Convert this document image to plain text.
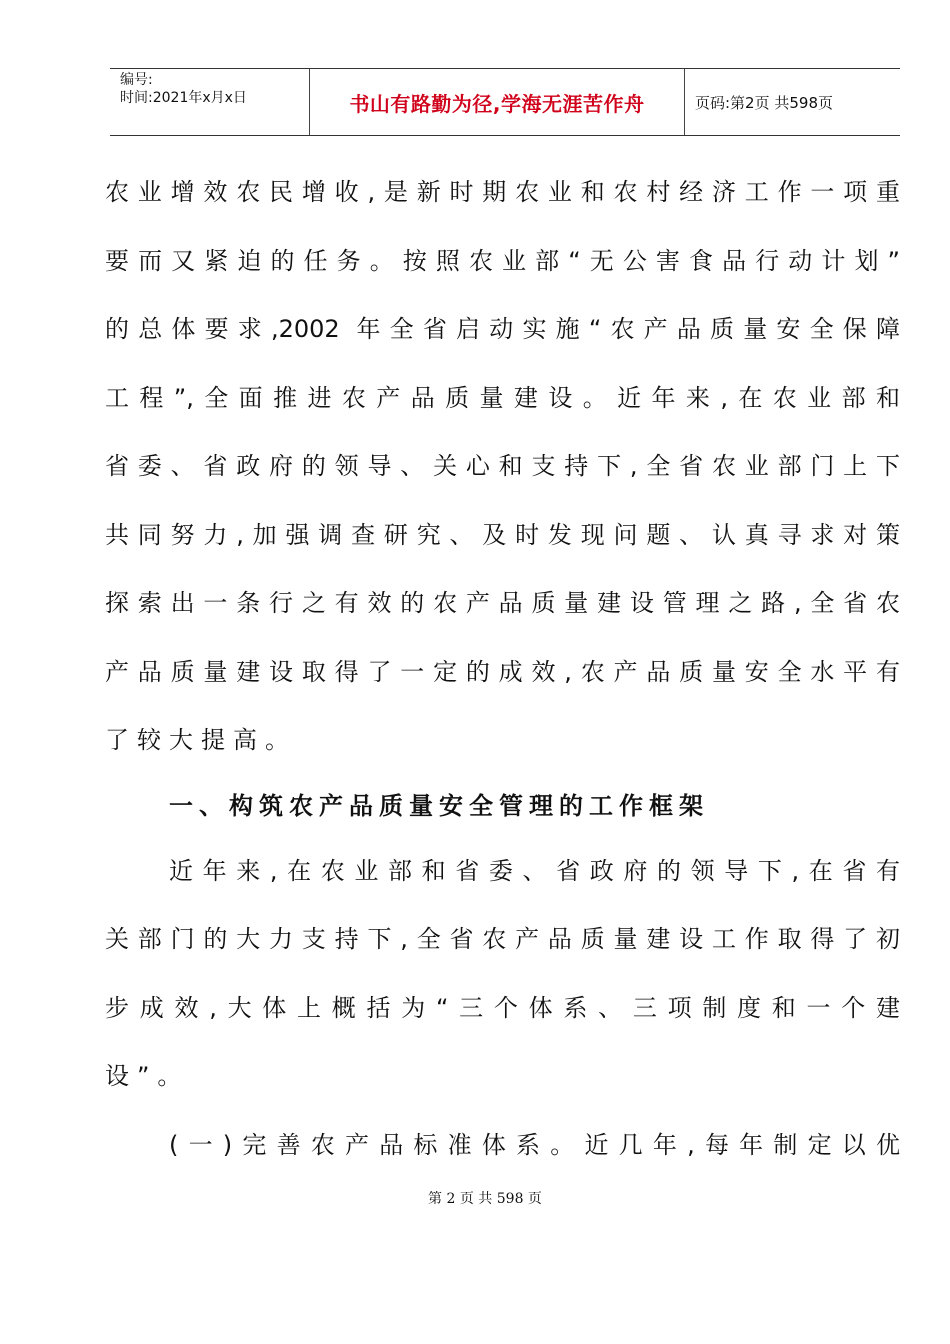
编号:
时间:2021年x月x日	书山有路勤为径,学海无涯苦作舟	页码:第2页 共598页
农业增效农民增收,是新时期农业和农村经济工作一项重
要而又紧迫的任务。按照农业部“无公害食品行动计划”
的总体要求,2002 年全省启动实施“农产品质量安全保障
工程”,全面推进农产品质量建设。近年来,在农业部和
省委、省政府的领导、关心和支持下,全省农业部门上下
共同努力,加强调查研究、及时发现问题、认真寻求对策
探索出一条行之有效的农产品质量建设管理之路,全省农
产品质量建设取得了一定的成效,农产品质量安全水平有
了较大提高。
一、构筑农产品质量安全管理的工作框架
近年来,在农业部和省委、省政府的领导下,在省有
关部门的大力支持下,全省农产品质量建设工作取得了初
步成效,大体上概括为“三个体系、三项制度和一个建
设”。
(一)完善农产品标准体系。近几年,每年制定以优
第 2 页 共 598 页
